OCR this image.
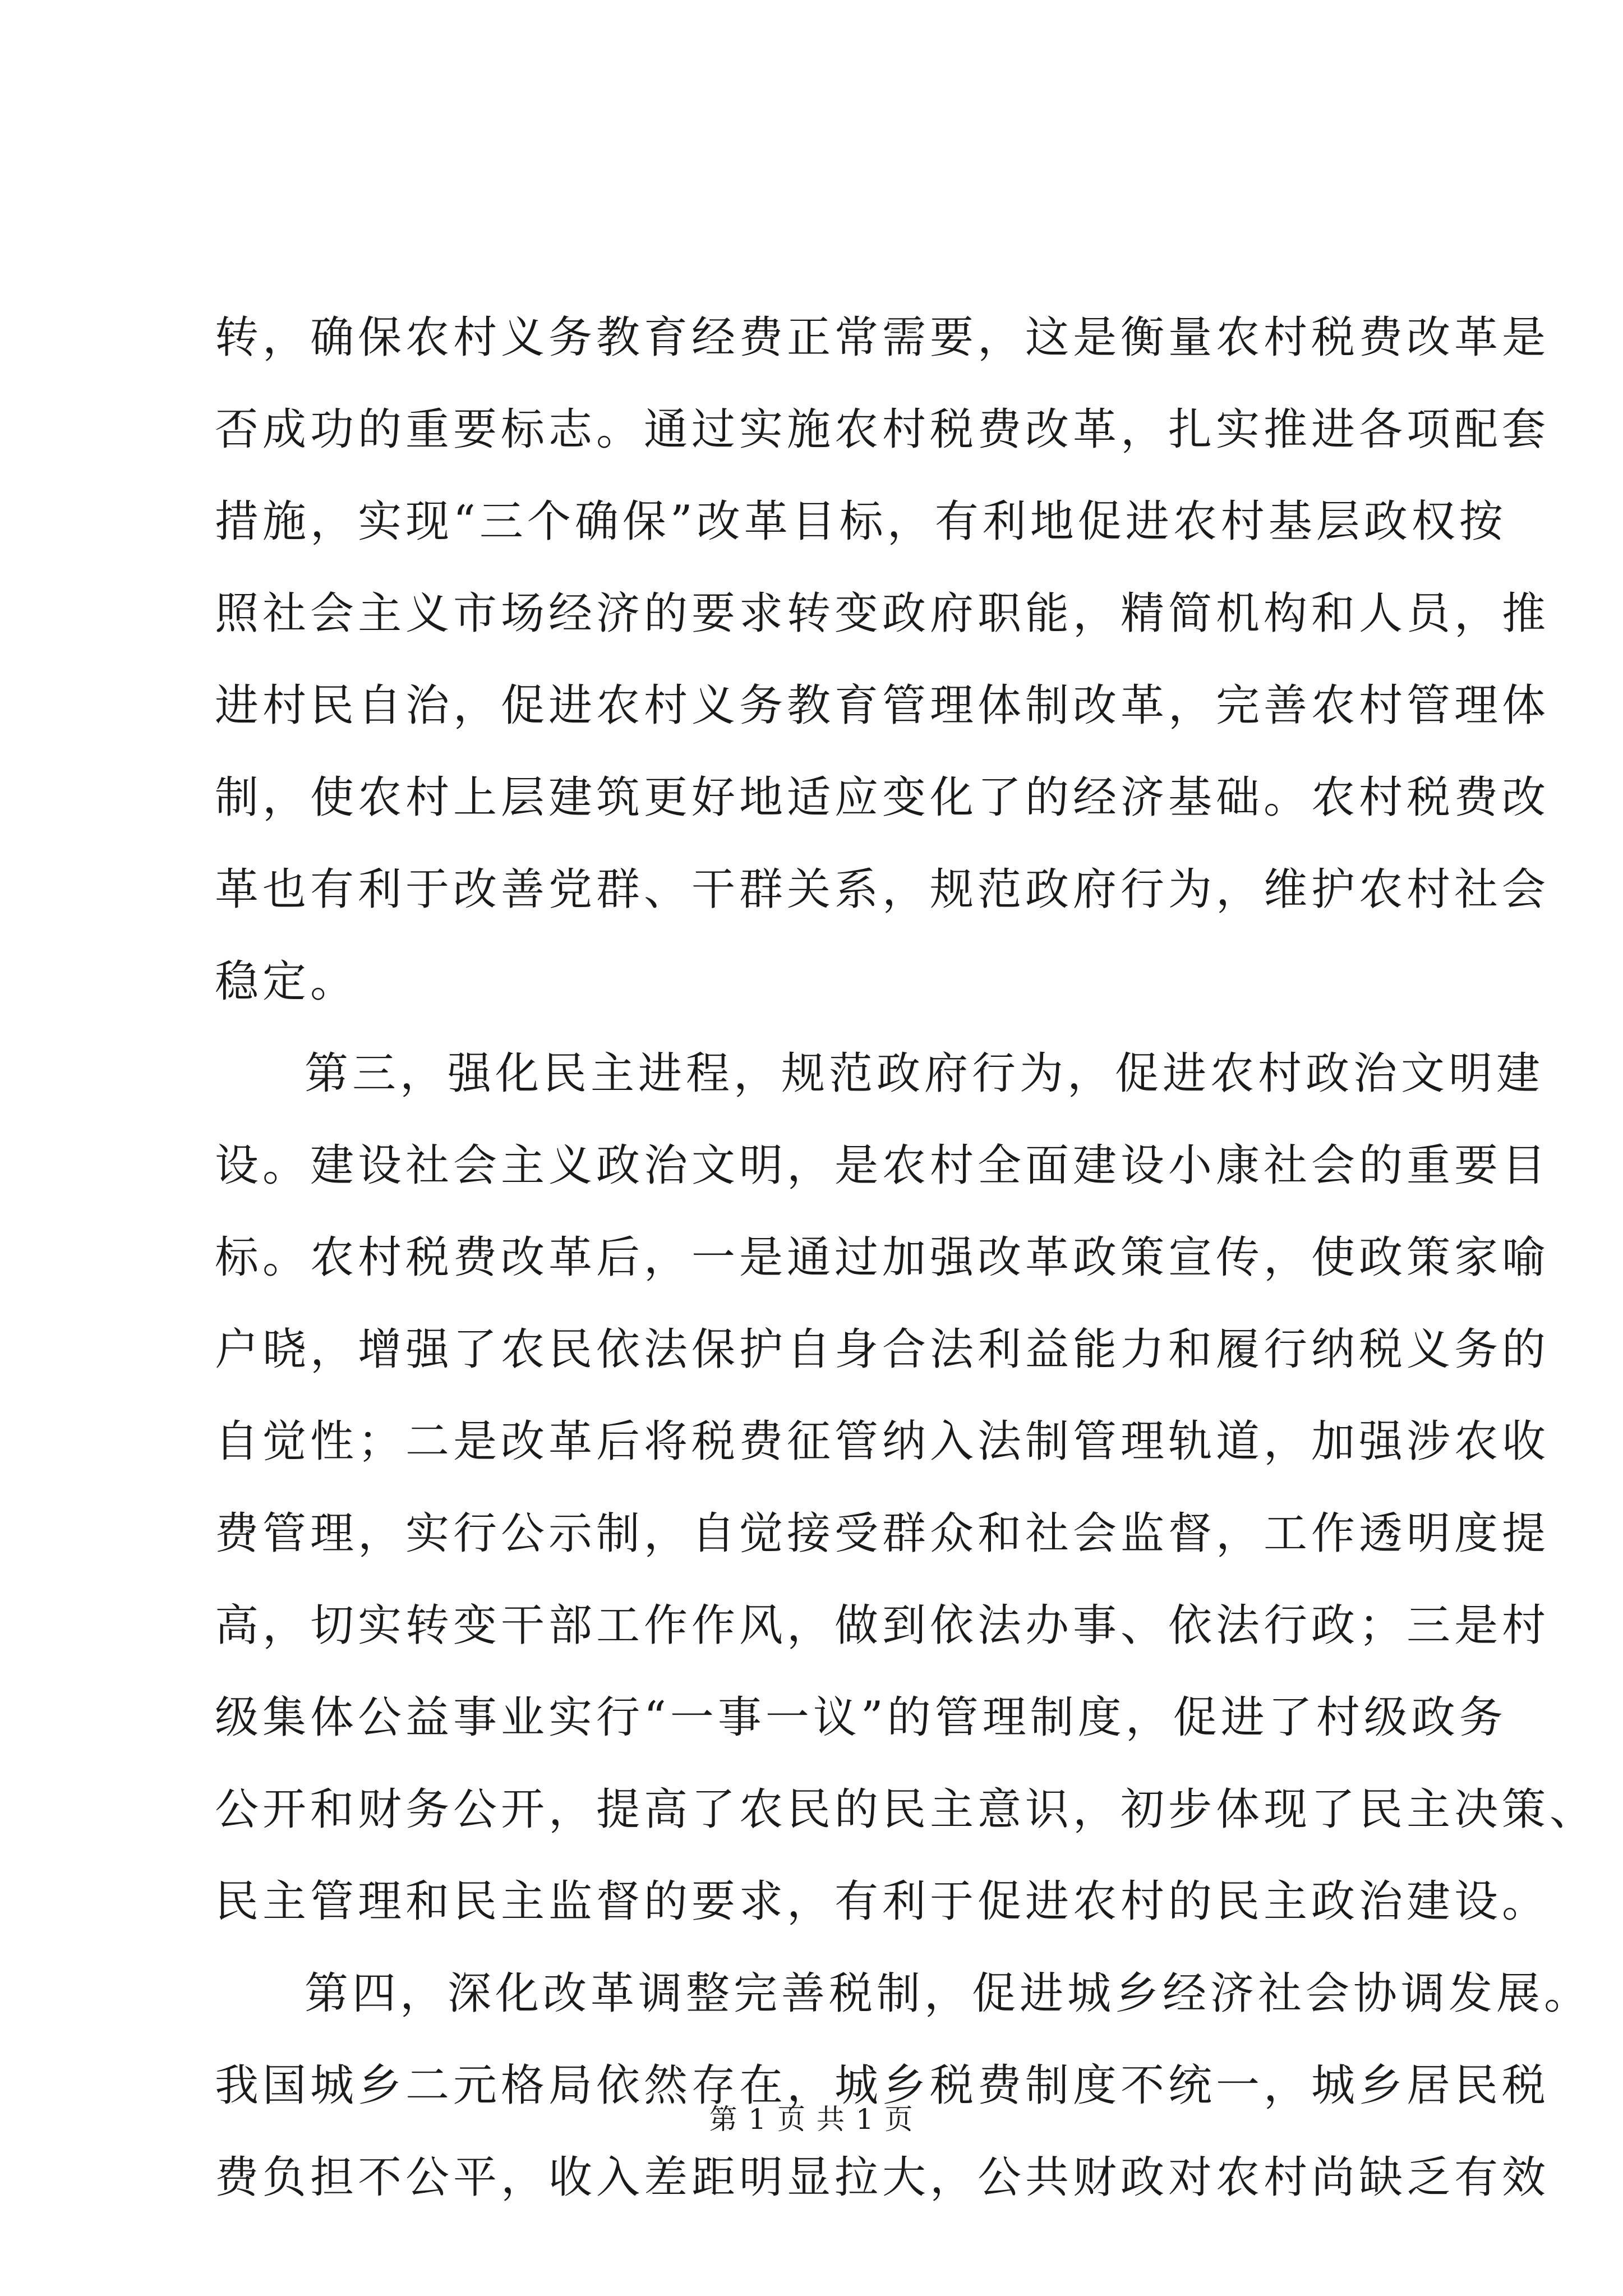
转，确保农村义务教育经费正常需要，这是衡量农村税费改革是
否成功的重要标志。通过实施农村税费改革，扎实推进各项配套
措施，实现“三个确保”改革目标，有利地促进农村基层政权按
照社会主义市场经济的要求转变政府职能，精简机构和人员，推
进村民自治，促进农村义务教育管理体制改革，完善农村管理体
制，使农村上层建筑更好地适应变化了的经济基础。农村税费改
革也有利于改善党群、干群关系，规范政府行为，维护农村社会
稳定。
第三，强化民主进程，规范政府行为，促进农村政治文明建
设。建设社会主义政治文明，是农村全面建设小康社会的重要目
标。农村税费改革后，一是通过加强改革政策宣传，使政策家喻
户晓，增强了农民依法保护自身合法利益能力和履行纳税义务的
自觉性；二是改革后将税费征管纳入法制管理轨道，加强涉农收
费管理，实行公示制，自觉接受群众和社会监督，工作透明度提
高，切实转变干部工作作风，做到依法办事、依法行政；三是村
级集体公益事业实行“一事一议”的管理制度，促进了村级政务
公开和财务公开，提高了农民的民主意识，初步体现了民主决策、
民主管理和民主监督的要求，有利于促进农村的民主政治建设。
第四，深化改革调整完善税制，促进城乡经济社会协调发展。
我国城乡二元格局依然存在，城乡税费制度不统一，城乡居民税
费负担不公平，收入差距明显拉大，公共财政对农村尚缺乏有效
第 1 页 共 1 页
